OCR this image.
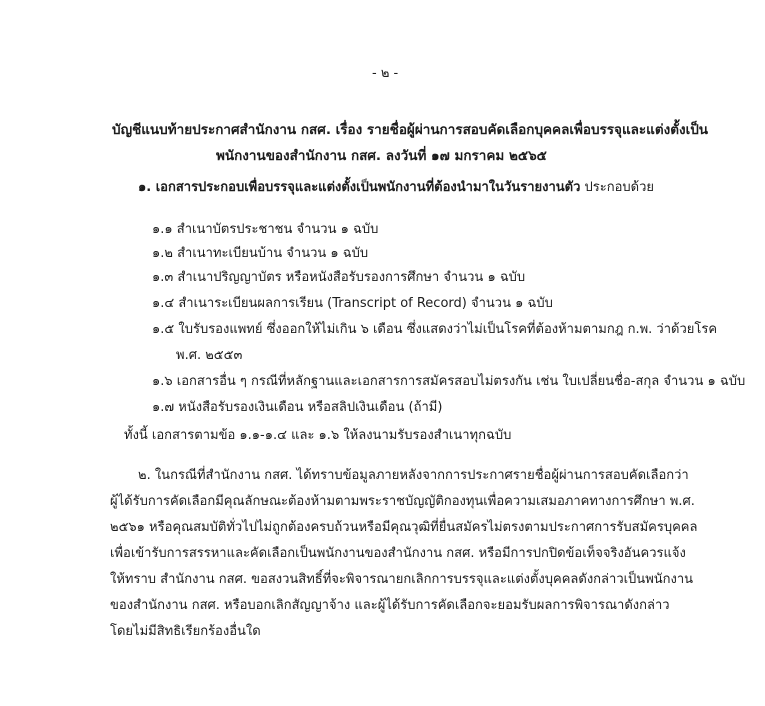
- ๒ -
บัญชีแนบท้ายประกาศสำนักงาน กสศ. เรื่อง รายชื่อผู้ผ่านการสอบคัดเลือกบุคคลเพื่อบรรจุและแต่งตั้งเป็น
พนักงานของสำนักงาน กสศ. ลงวันที่ ๑๗ มกราคม ๒๕๖๕
๑. เอกสารประกอบเพื่อบรรจุและแต่งตั้งเป็นพนักงานที่ต้องนำมาในวันรายงานตัว ประกอบด้วย
๑.๑ สำเนาบัตรประชาชน จำนวน ๑ ฉบับ
๑.๒ สำเนาทะเบียนบ้าน จำนวน ๑ ฉบับ
๑.๓ สำเนาปริญญาบัตร หรือหนังสือรับรองการศึกษา จำนวน ๑ ฉบับ
๑.๔ สำเนาระเบียนผลการเรียน (Transcript of Record) จำนวน ๑ ฉบับ
๑.๕ ใบรับรองแพทย์ ซึ่งออกให้ไม่เกิน ๖ เดือน ซึ่งแสดงว่าไม่เป็นโรคที่ต้องห้ามตามกฎ ก.พ. ว่าด้วยโรค
พ.ศ. ๒๕๕๓
๑.๖ เอกสารอื่น ๆ กรณีที่หลักฐานและเอกสารการสมัครสอบไม่ตรงกัน เช่น ใบเปลี่ยนชื่อ-สกุล จำนวน ๑ ฉบับ
๑.๗ หนังสือรับรองเงินเดือน หรือสลิปเงินเดือน (ถ้ามี)
ทั้งนี้ เอกสารตามข้อ ๑.๑-๑.๔ และ ๑.๖ ให้ลงนามรับรองสำเนาทุกฉบับ
๒. ในกรณีที่สำนักงาน กสศ. ได้ทราบข้อมูลภายหลังจากการประกาศรายชื่อผู้ผ่านการสอบคัดเลือกว่า
ผู้ได้รับการคัดเลือกมีคุณลักษณะต้องห้ามตามพระราชบัญญัติกองทุนเพื่อความเสมอภาคทางการศึกษา พ.ศ.
๒๕๖๑ หรือคุณสมบัติทั่วไปไม่ถูกต้องครบถ้วนหรือมีคุณวุฒิที่ยื่นสมัครไม่ตรงตามประกาศการรับสมัครบุคคล
เพื่อเข้ารับการสรรหาและคัดเลือกเป็นพนักงานของสำนักงาน กสศ. หรือมีการปกปิดข้อเท็จจริงอันควรแจ้ง
ให้ทราบ สำนักงาน กสศ. ขอสงวนสิทธิ์ที่จะพิจารณายกเลิกการบรรจุและแต่งตั้งบุคคลดังกล่าวเป็นพนักงาน
ของสำนักงาน กสศ. หรือบอกเลิกสัญญาจ้าง และผู้ได้รับการคัดเลือกจะยอมรับผลการพิจารณาดังกล่าว
โดยไม่มีสิทธิเรียกร้องอื่นใด
